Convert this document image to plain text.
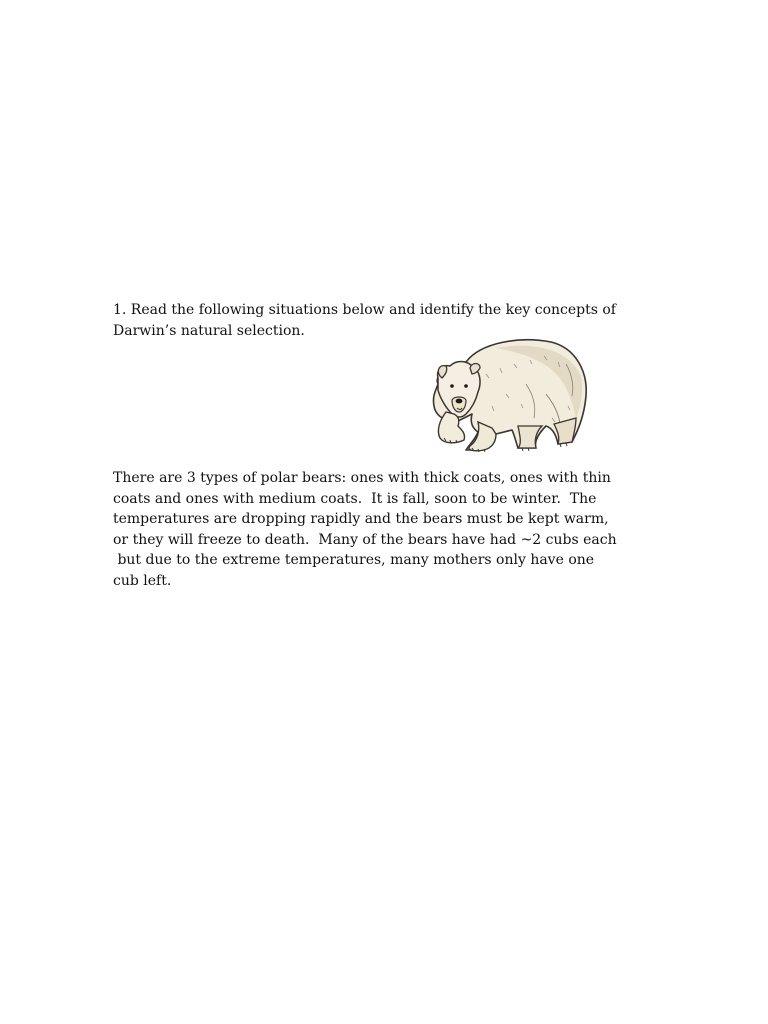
1. Read the following situations below and identify the key concepts of
Darwin’s natural selection.

There are 3 types of polar bears: ones with thick coats, ones with thin
coats and ones with medium coats.  It is fall, soon to be winter.  The
temperatures are dropping rapidly and the bears must be kept warm,
or they will freeze to death.  Many of the bears have had ~2 cubs each
but due to the extreme temperatures, many mothers only have one
cub left.
